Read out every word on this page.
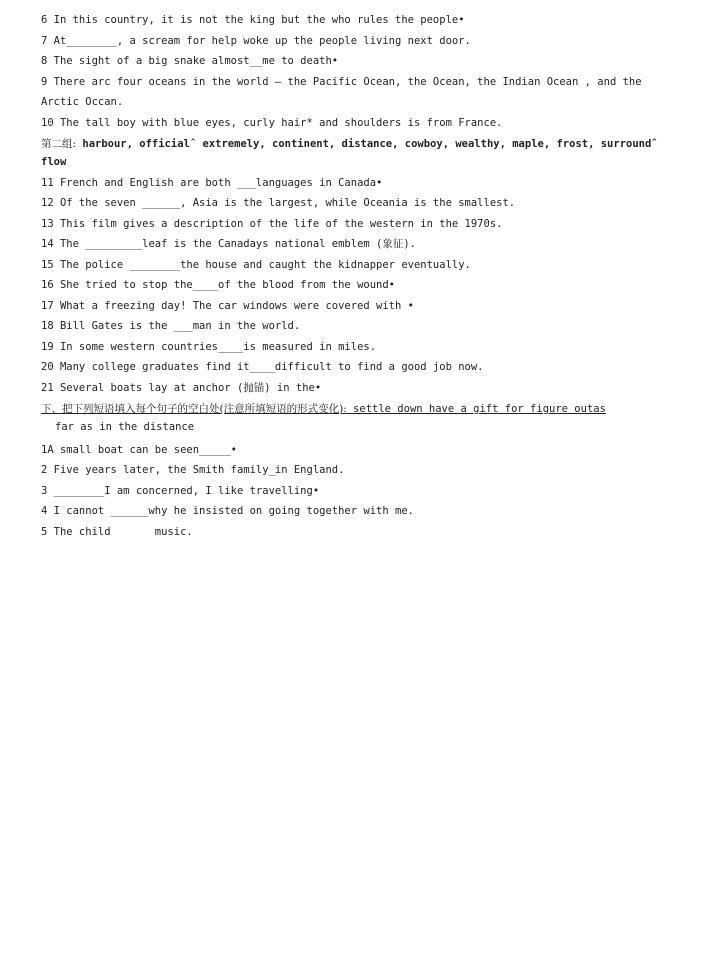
6 In this country, it is not the king but the who rules the people•
7 At________, a scream for help woke up the people living next door.
8 The sight of a big snake almost__me to death•
9 There arc four oceans in the world — the Pacific Ocean, the Ocean, the Indian Ocean , and the
Arctic Occan.
10 The tall boy with blue eyes, curly hair* and shoulders is from France.
第二组: harbour, officialˆ extremely, continent, distance, cowboy, wealthy, maple, frost, surroundˆ
flow
11 French and English are both ___languages in Canada•
12 Of the seven ______, Asia is the largest, while Oceania is the smallest.
13 This film gives a description of the life of the western in the 1970s.
14 The _________leaf is the Canadays national emblem (象征).
15 The police ________the house and caught the kidnapper eventually.
16 She tried to stop the____of the blood from the wound•
17 What a freezing day! The car windows were covered with •
18 Bill Gates is the ___man in the world.
19 In some western countries____is measured in miles.
20 Many college graduates find it____difficult to find a good job now.
21 Several boats lay at anchor (抛锚) in the•
下、把下列短语填入每个句子的空白处(注意所填短语的形式变化): settle down have a gift for figure outas
far as in the distance
1A small boat can be seen_____•
2 Five years later, the Smith family_in England.
3 ________I am concerned, I like travelling•
4 I cannot ______why he insisted on going together with me.
5 The child       music.
